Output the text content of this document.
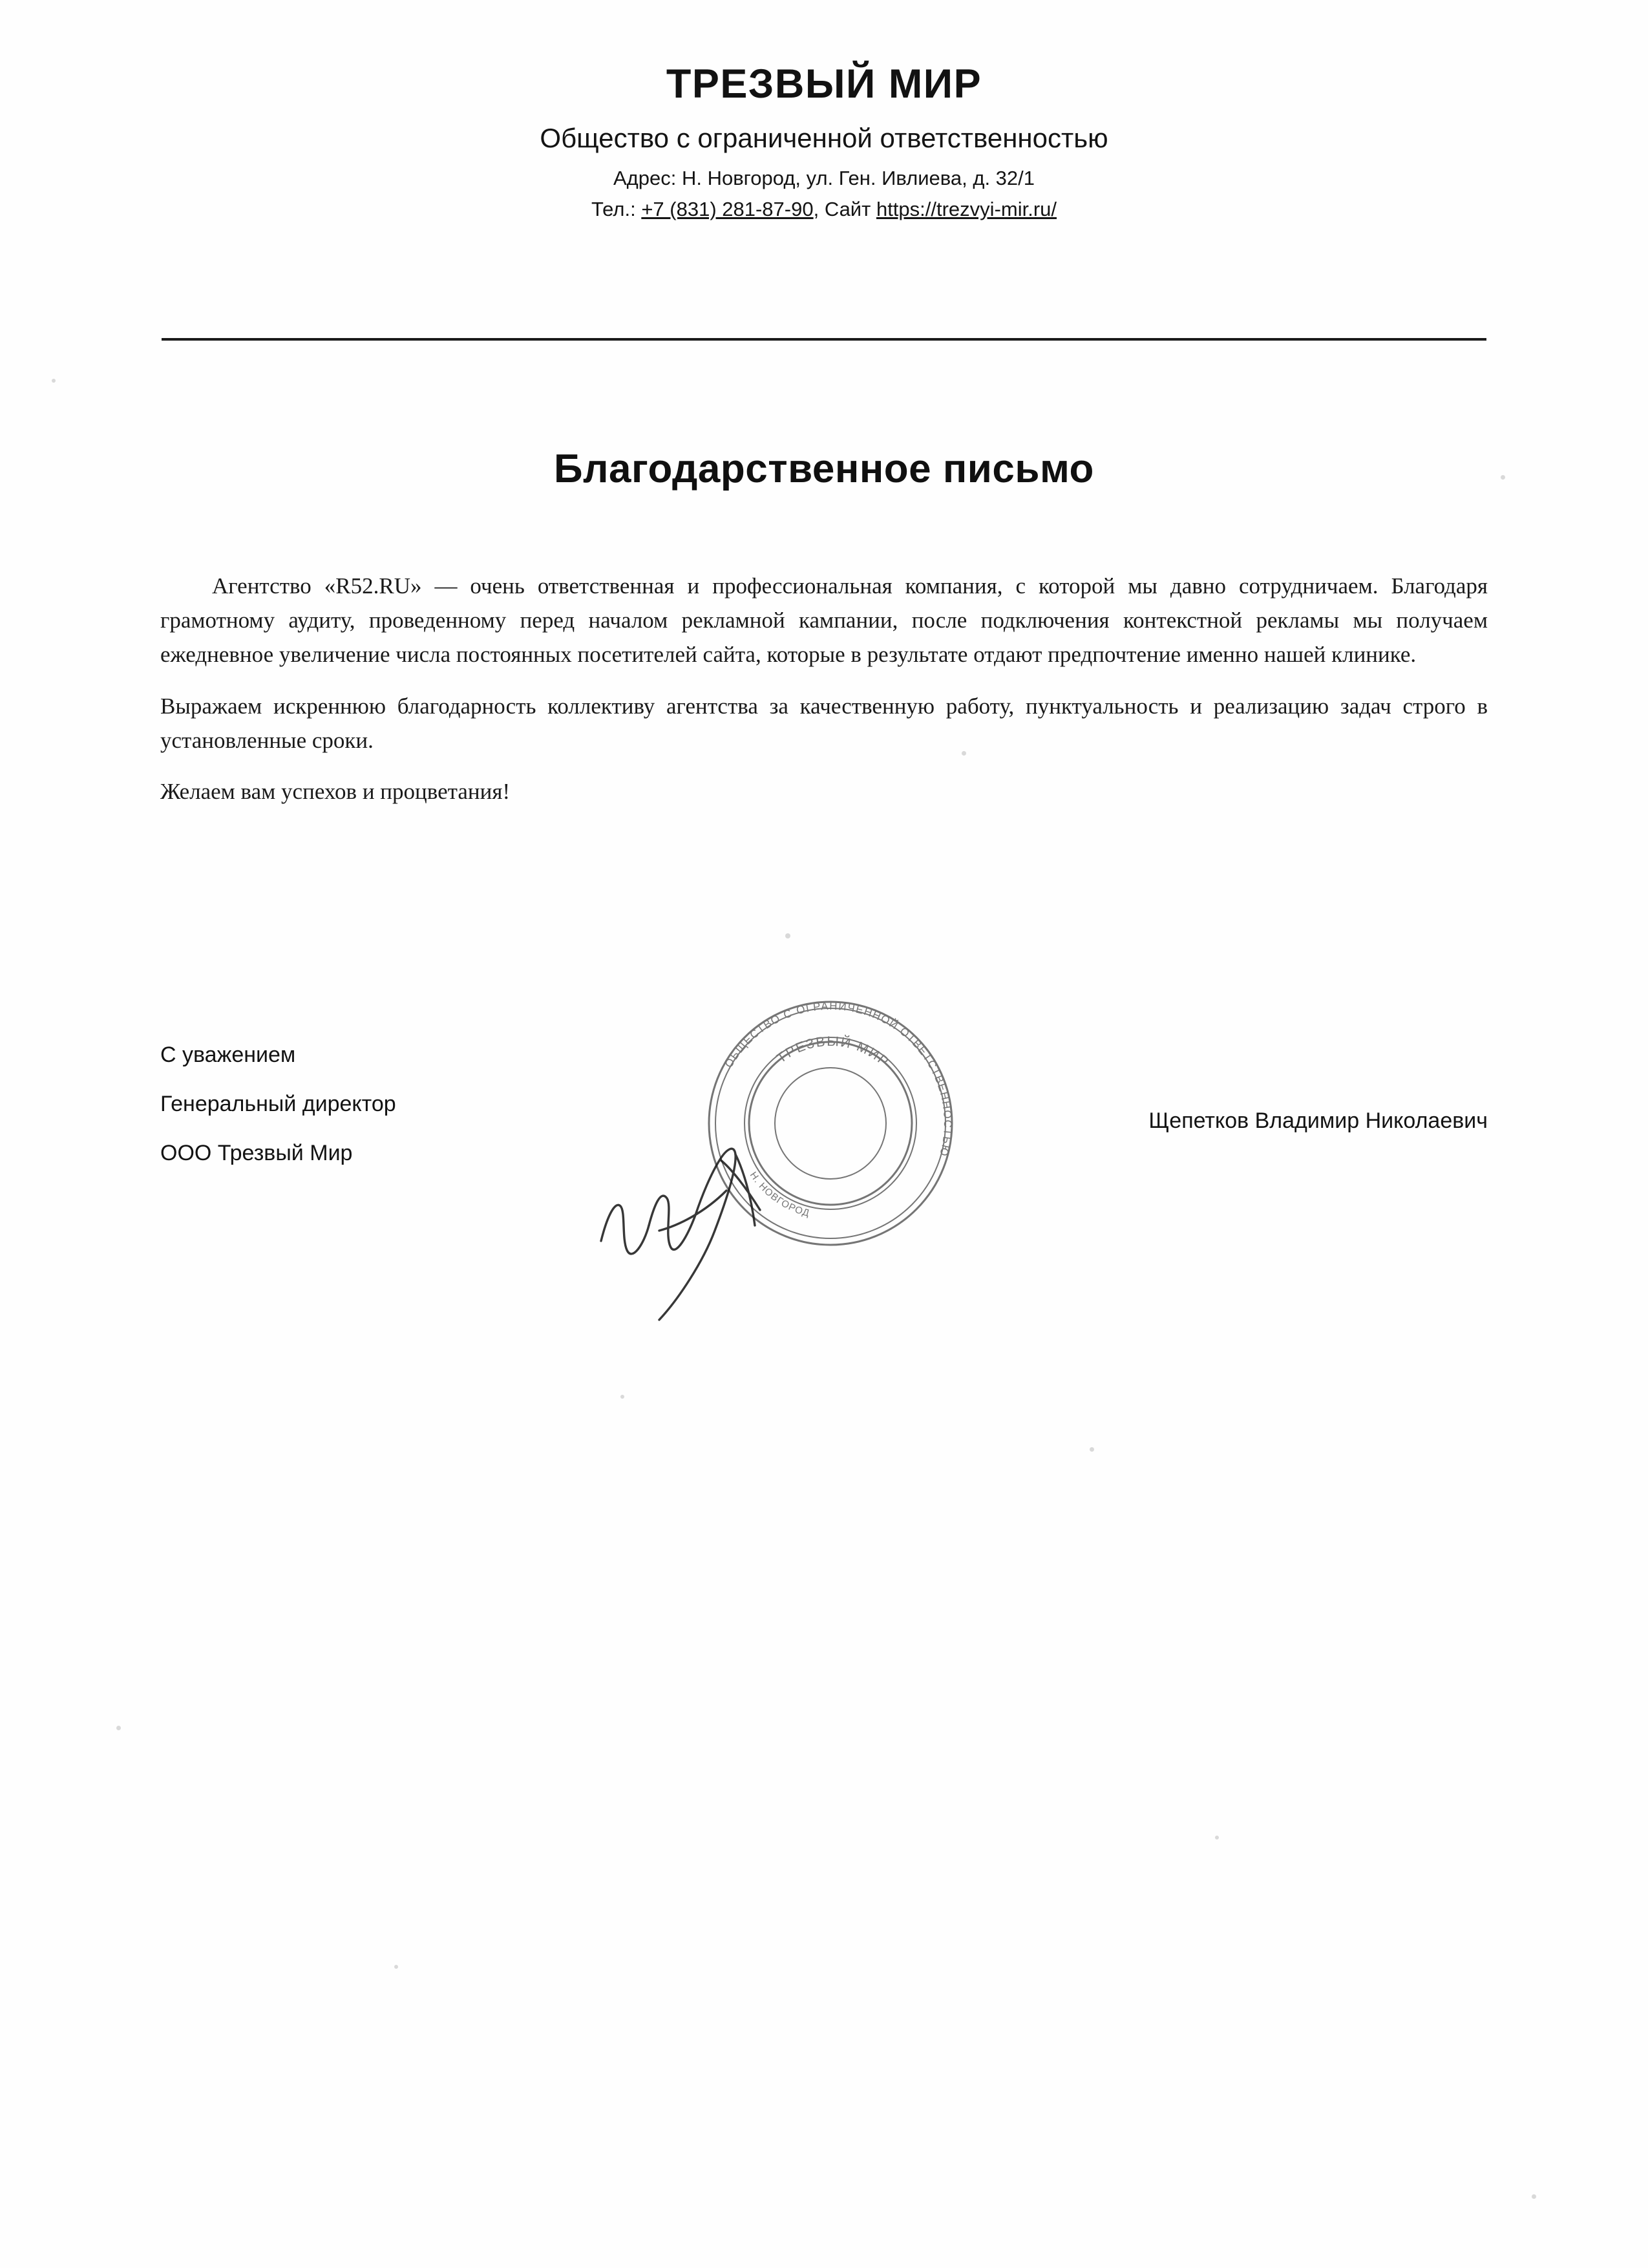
ТРЕЗВЫЙ МИР
Общество с ограниченной ответственностью
Адрес: Н. Новгород, ул. Ген. Ивлиева, д. 32/1
Тел.: +7 (831) 281-87-90, Сайт https://trezvyi-mir.ru/
Благодарственное письмо

Агентство «R52.RU» — очень ответственная и профессиональная компания, с которой мы давно сотрудничаем. Благодаря грамотному аудиту, проведенному перед началом рекламной кампании, после подключения контекстной рекламы мы получаем ежедневное увеличение числа постоянных посетителей сайта, которые в результате отдают предпочтение именно нашей клинике.

Выражаем искреннюю благодарность коллективу агентства за качественную работу, пунктуальность и реализацию задач строго в установленные сроки.

Желаем вам успехов и процветания!

С уважением
Генеральный директор
ООО Трезвый Мир
Щепетков Владимир Николаевич
ОБЩЕСТВО С ОГРАНИЧЕННОЙ ОТВЕТСТВЕННОСТЬЮ
ТРЕЗВЫЙ МИР
Н. НОВГОРОД
